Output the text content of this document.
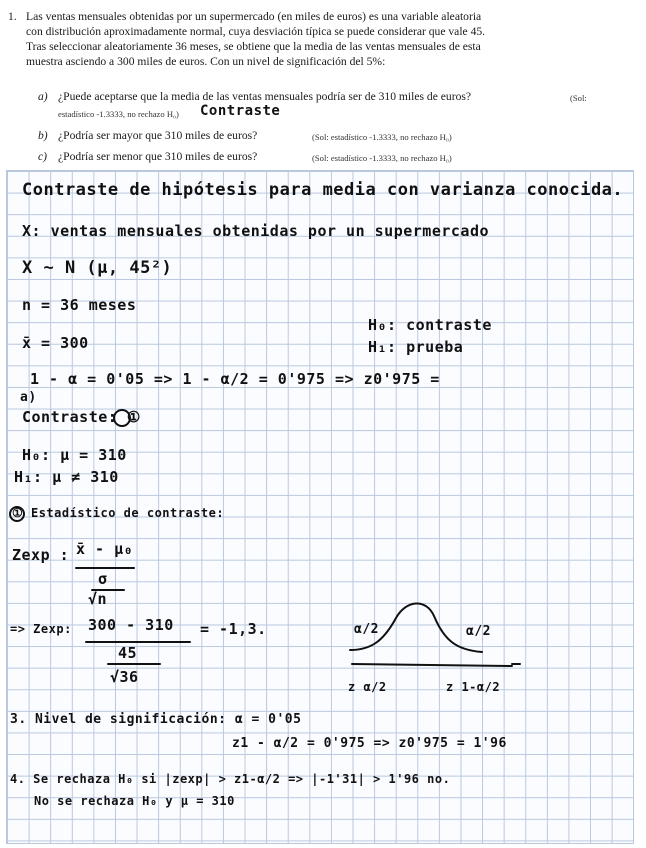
1. Las ventas mensuales obtenidas por un supermercado (en miles de euros) es una variable aleatoria
con distribución aproximadamente normal, cuya desviación típica se puede considerar que vale 45.
Tras seleccionar aleatoriamente 36 meses, se obtiene que la media de las ventas mensuales de esta
muestra asciendo a 300 miles de euros. Con un nivel de significación del 5%:
a) ¿Puede aceptarse que la media de las ventas mensuales podría ser de 310 miles de euros?	(Sol:
estadístico -1.3333, no rechazo H₀) Contraste
b) ¿Podría ser mayor que 310 miles de euros?	(Sol: estadístico -1.3333, no rechazo H₀)
c) ¿Podría ser menor que 310 miles de euros?	(Sol: estadístico -1.3333, no rechazo H₀)
Contraste de hipótesis para media con varianza conocida.
X: ventas mensuales obtenidas por un supermercado
X ~ N (μ, 45²)
n = 36 meses
x̄ = 300
H₀: contraste
H₁: prueba
1 - α = 0'05 => 1 - α/2 = 0'975 => z0'975 =
a)
Contraste: ①
H₀: μ = 310
H₁: μ ≠ 310
① Estadístico de contraste:
Zexp : x̄ - μ₀
σ
√n
=> Zexp: 300 - 310
45
√36
= -1,3.	α/2	α/2
z α/2	z 1-α/2
3. Nivel de significación: α = 0'05
z1 - α/2 = 0'975 => z0'975 = 1'96
4. Se rechaza H₀ si |zexp| > z1-α/2 => |-1'31| > 1'96 no.
No se rechaza H₀ y μ = 310
